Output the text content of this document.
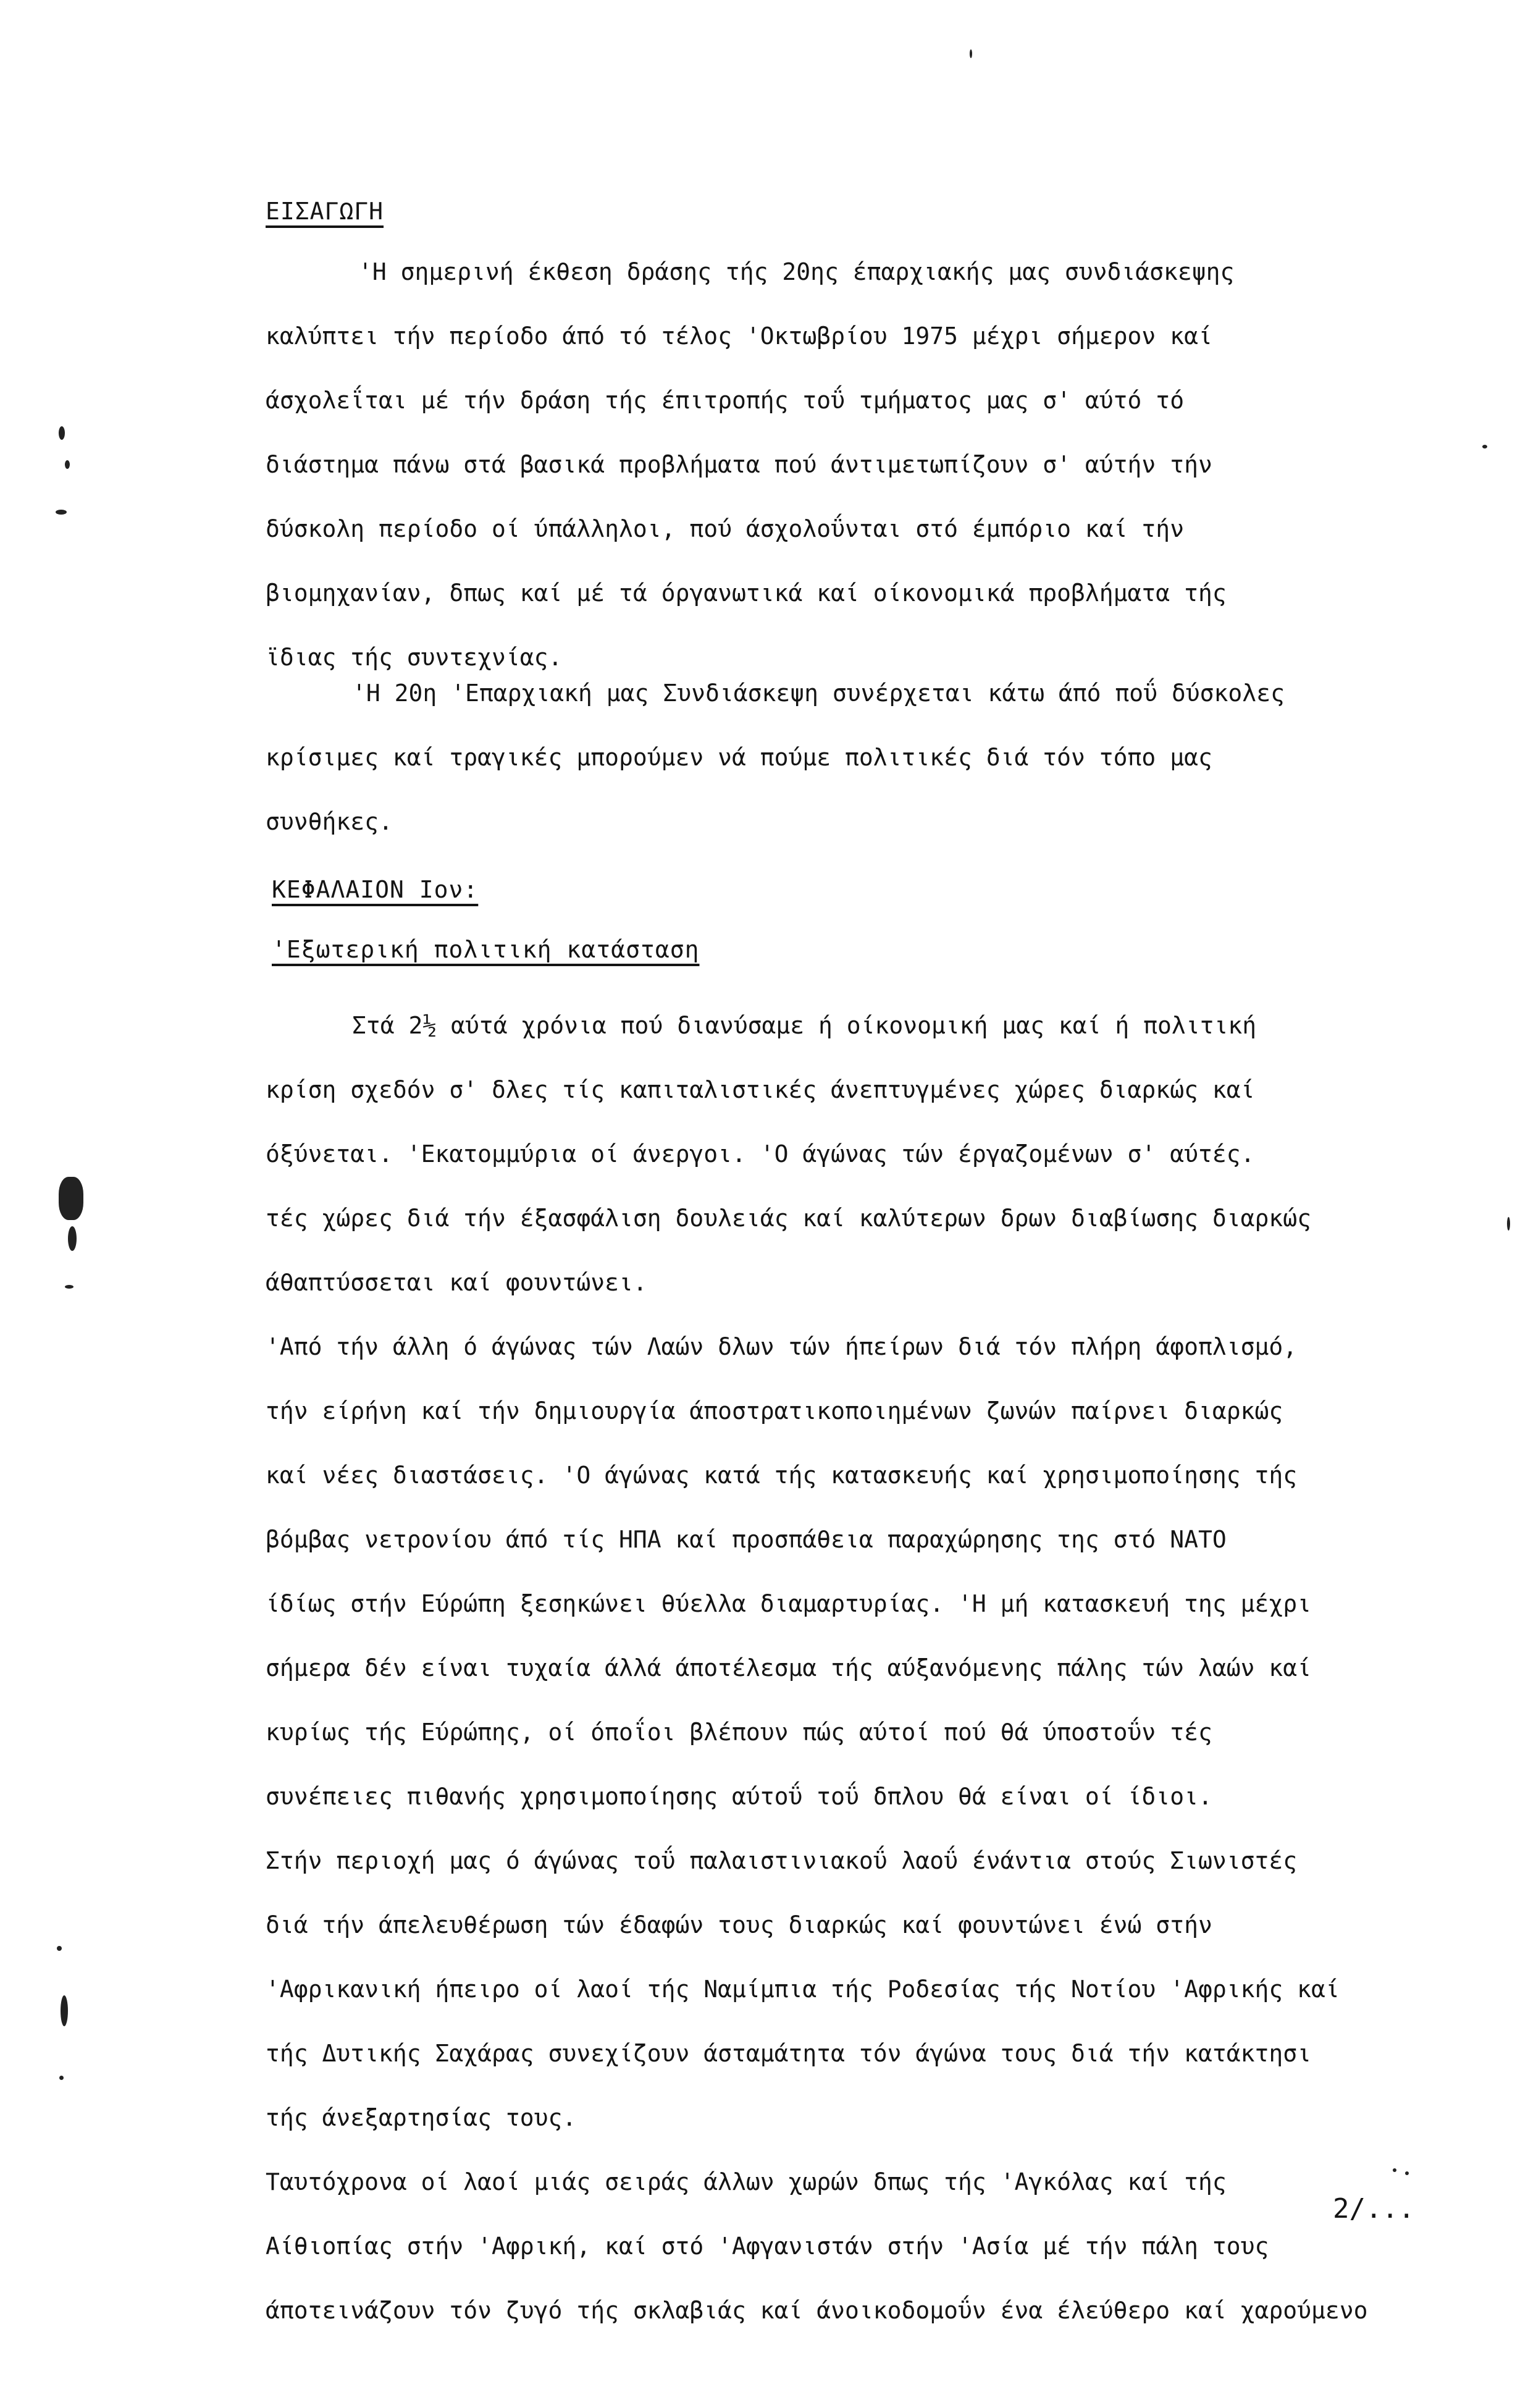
ΕΙΣΑΓΩΓΗ
'Η σημερινή έκθεση δράσης τής 20ης έπαρχιακής μας συνδιάσκεψης
καλύπτει τήν περίοδο άπό τό τέλος 'Οκτωβρίου 1975 μέχρι σήμερον καί
άσχολεΐται μέ τήν δράση τής έπιτροπής τοΰ τμήματος μας σ' αύτό τό
διάστημα πάνω στά βασικά προβλήματα πού άντιμετωπίζουν σ' αύτήν τήν
δύσκολη περίοδο οί ύπάλληλοι, πού άσχολοΰνται στό έμπόριο καί τήν
βιομηχανίαν, δπως καί μέ τά όργανωτικά καί οίκονομικά προβλήματα τής
ϊδιας τής συντεχνίας.
'Η 20η 'Επαρχιακή μας Συνδιάσκεψη συνέρχεται κάτω άπό ποΰ δύσκολες
κρίσιμες καί τραγικές μπορούμεν νά πούμε πολιτικές διά τόν τόπο μας
συνθήκες.
ΚΕΦΑΛΑΙΟΝ Ιον:
'Εξωτερική πολιτική κατάσταση
Στά 2½ αύτά χρόνια πού διανύσαμε ή οίκονομική μας καί ή πολιτική
κρίση σχεδόν σ' δλες τίς καπιταλιστικές άνεπτυγμένες χώρες διαρκώς καί
όξύνεται. 'Εκατομμύρια οί άνεργοι. 'Ο άγώνας τών έργαζομένων σ' αύτές.
τές χώρες διά τήν έξασφάλιση δουλειάς καί καλύτερων δρων διαβίωσης διαρκώς
άθαπτύσσεται καί φουντώνει.
'Από τήν άλλη ό άγώνας τών Λαών δλων τών ήπείρων διά τόν πλήρη άφοπλισμό,
τήν είρήνη καί τήν δημιουργία άποστρατικοποιημένων ζωνών παίρνει διαρκώς
καί νέες διαστάσεις. 'Ο άγώνας κατά τής κατασκευής καί χρησιμοποίησης τής
βόμβας νετρονίου άπό τίς ΗΠΑ καί προσπάθεια παραχώρησης της στό ΝΑΤΟ
ίδίως στήν Εύρώπη ξεσηκώνει θύελλα διαμαρτυρίας. 'Η μή κατασκευή της μέχρι
σήμερα δέν είναι τυχαία άλλά άποτέλεσμα τής αύξανόμενης πάλης τών λαών καί
κυρίως τής Εύρώπης, οί όποΐοι βλέπουν πώς αύτοί πού θά ύποστοΰν τές
συνέπειες πιθανής χρησιμοποίησης αύτοΰ τοΰ δπλου θά είναι οί ίδιοι.
Στήν περιοχή μας ό άγώνας τοΰ παλαιστινιακοΰ λαοΰ ένάντια στούς Σιωνιστές
διά τήν άπελευθέρωση τών έδαφών τους διαρκώς καί φουντώνει ένώ στήν
'Αφρικανική ήπειρο οί λαοί τής Ναμίμπια τής Ροδεσίας τής Νοτίου 'Αφρικής καί
τής Δυτικής Σαχάρας συνεχίζουν άσταμάτητα τόν άγώνα τους διά τήν κατάκτησι
τής άνεξαρτησίας τους.
Ταυτόχρονα οί λαοί μιάς σειράς άλλων χωρών δπως τής 'Αγκόλας καί τής
Αίθιοπίας στήν 'Αφρική, καί στό 'Αφγανιστάν στήν 'Ασία μέ τήν πάλη τους
άποτεινάζουν τόν ζυγό τής σκλαβιάς καί άνοικοδομοΰν ένα έλεύθερο καί χαρούμενο
2/...
